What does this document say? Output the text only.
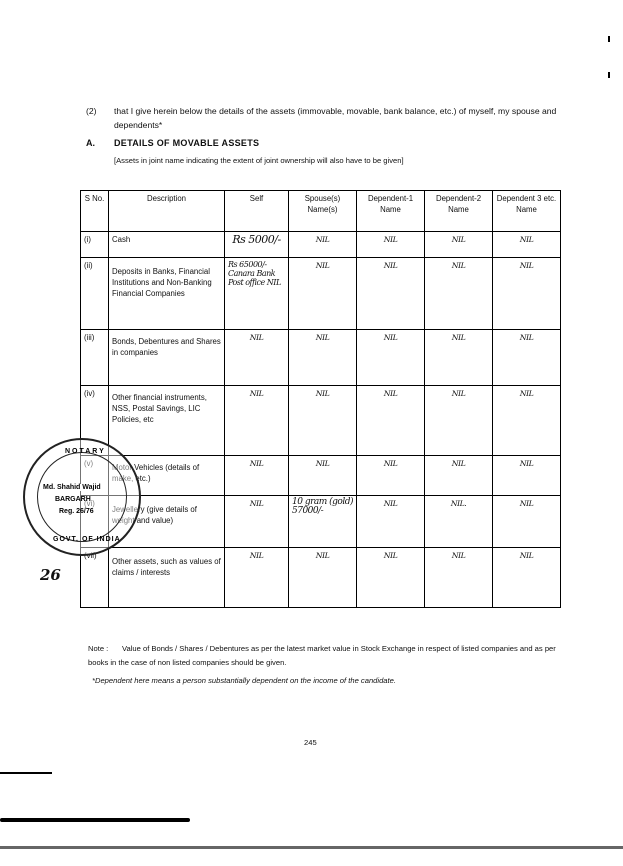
(2) that I give herein below the details of the assets (immovable, movable, bank balance, etc.) of myself, my spouse and dependents*
A. DETAILS OF MOVABLE ASSETS
[Assets in joint name indicating the extent of joint ownership will also have to be given]
S No.	Description	Self	Spouse(s) Name(s)	Dependent-1 Name	Dependent-2 Name	Dependent 3 etc. Name
(i)	Cash	Rs 5000/-	NIL	NIL	NIL	NIL
(ii)	Deposits in Banks, Financial Institutions and Non-Banking Financial Companies	Rs 65000/- Canara Bank Post office NIL	NIL	NIL	NIL	NIL
(iii)	Bonds, Debentures and Shares in companies	NIL	NIL	NIL	NIL	NIL
(iv)	Other financial instruments, NSS, Postal Savings, LIC Policies, etc	NIL	NIL	NIL	NIL	NIL
(v)	Motor Vehicles (details of make, etc.)	NIL	NIL	NIL	NIL	NIL
(vi)	Jewellery (give details of weight and value)	NIL	10 gram (gold) 57000/-	NIL	NIL.	NIL
(vii)	Other assets, such as values of claims / interests	NIL	NIL	NIL	NIL	NIL
NOTARY
Md. Shahid Wajid
BARGARH
Reg. 26/76
GOVT. OF INDIA
26
Note : Value of Bonds / Shares / Debentures as per the latest market value in Stock Exchange in respect of listed companies and as per books in the case of non listed companies should be given.
*Dependent here means a person substantially dependent on the income of the candidate.
245
